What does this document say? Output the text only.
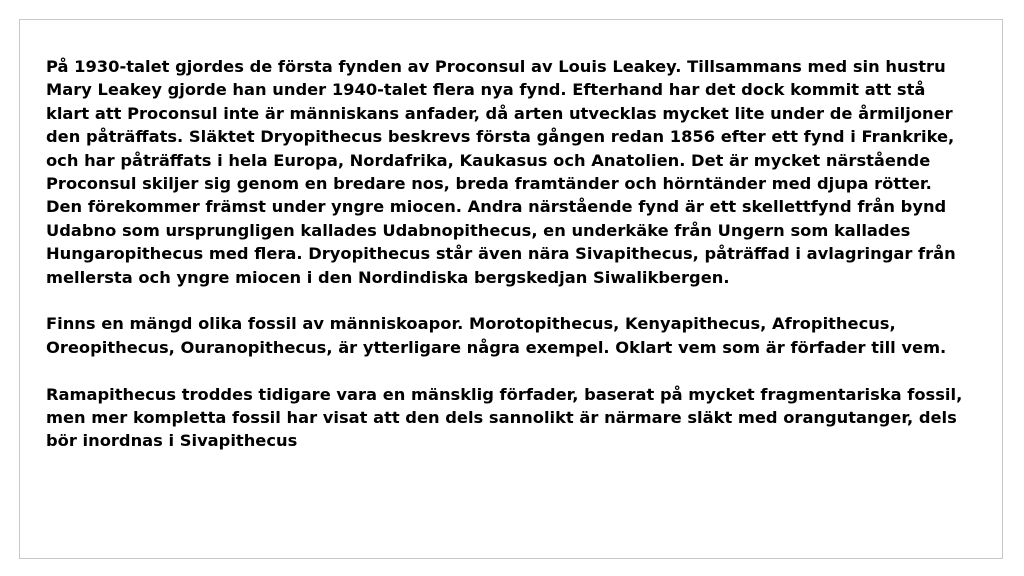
På 1930-talet gjordes de första fynden av Proconsul av Louis Leakey. Tillsammans med sin hustru Mary Leakey gjorde han under 1940-talet flera nya fynd. Efterhand har det dock kommit att stå klart att Proconsul inte är människans anfader, då arten utvecklas mycket lite under de årmiljoner den påträffats. Släktet Dryopithecus beskrevs första gången redan 1856 efter ett fynd i Frankrike, och har påträffats i hela Europa, Nordafrika, Kaukasus och Anatolien. Det är mycket närstående Proconsul skiljer sig genom en bredare nos, breda framtänder och hörntänder med djupa rötter. Den förekommer främst under yngre miocen. Andra närstående fynd är ett skellettfynd från bynd Udabno som ursprungligen kallades Udabnopithecus, en underkäke från Ungern som kallades Hungaropithecus med flera. Dryopithecus står även nära Sivapithecus, påträffad i avlagringar från mellersta och yngre miocen i den Nordindiska bergskedjan Siwalikbergen.

Finns en mängd olika fossil av människoapor. Morotopithecus, Kenyapithecus, Afropithecus, Oreopithecus, Ouranopithecus, är ytterligare några exempel. Oklart vem som är förfader till vem.

Ramapithecus troddes tidigare vara en mänsklig förfader, baserat på mycket fragmentariska fossil, men mer kompletta fossil har visat att den dels sannolikt är närmare släkt med orangutanger, dels bör inordnas i Sivapithecus
